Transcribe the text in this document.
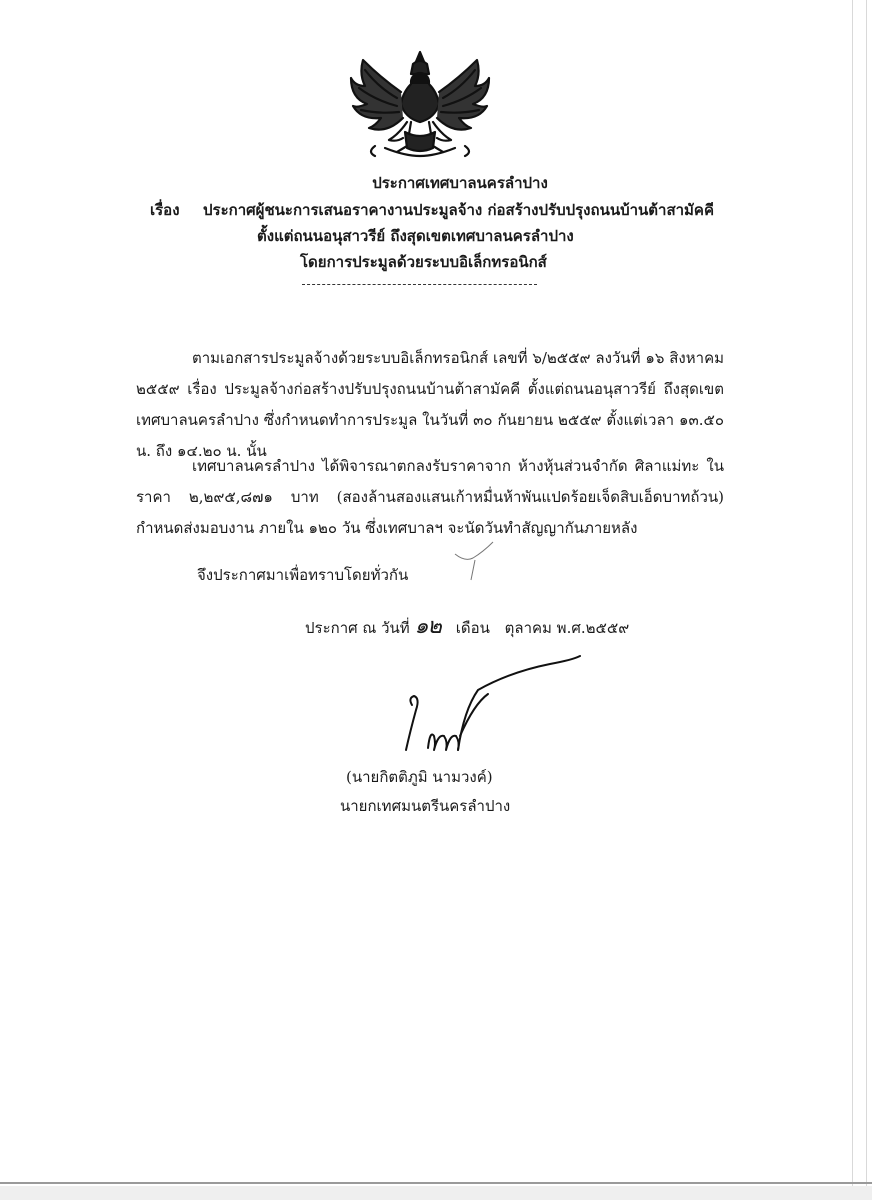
ประกาศเทศบาลนครลำปาง
เรื่อง ประกาศผู้ชนะการเสนอราคางานประมูลจ้าง ก่อสร้างปรับปรุงถนนบ้านต้าสามัคคี
ตั้งแต่ถนนอนุสาวรีย์ ถึงสุดเขตเทศบาลนครลำปาง
โดยการประมูลด้วยระบบอิเล็กทรอนิกส์
ตามเอกสารประมูลจ้างด้วยระบบอิเล็กทรอนิกส์ เลขที่ ๖/๒๕๕๙ ลงวันที่ ๑๖ สิงหาคม ๒๕๕๙ เรื่อง ประมูลจ้างก่อสร้างปรับปรุงถนนบ้านต้าสามัคคี ตั้งแต่ถนนอนุสาวรีย์ ถึงสุดเขตเทศบาลนครลำปาง ซึ่งกำหนดทำการประมูล ในวันที่ ๓๐ กันยายน ๒๕๕๙ ตั้งแต่เวลา ๑๓.๕๐ น. ถึง ๑๔.๒๐ น. นั้น
เทศบาลนครลำปาง ได้พิจารณาตกลงรับราคาจาก ห้างหุ้นส่วนจำกัด ศิลาแม่ทะ ในราคา ๒,๒๙๕,๘๗๑ บาท (สองล้านสองแสนเก้าหมื่นห้าพันแปดร้อยเจ็ดสิบเอ็ดบาทถ้วน) กำหนดส่งมอบงาน ภายใน ๑๒๐ วัน ซึ่งเทศบาลฯ จะนัดวันทำสัญญากันภายหลัง
จึงประกาศมาเพื่อทราบโดยทั่วกัน
ประกาศ ณ วันที่ ๑๒ เดือน ตุลาคม พ.ศ.๒๕๕๙
(นายกิตติภูมิ นามวงค์)
นายกเทศมนตรีนครลำปาง
